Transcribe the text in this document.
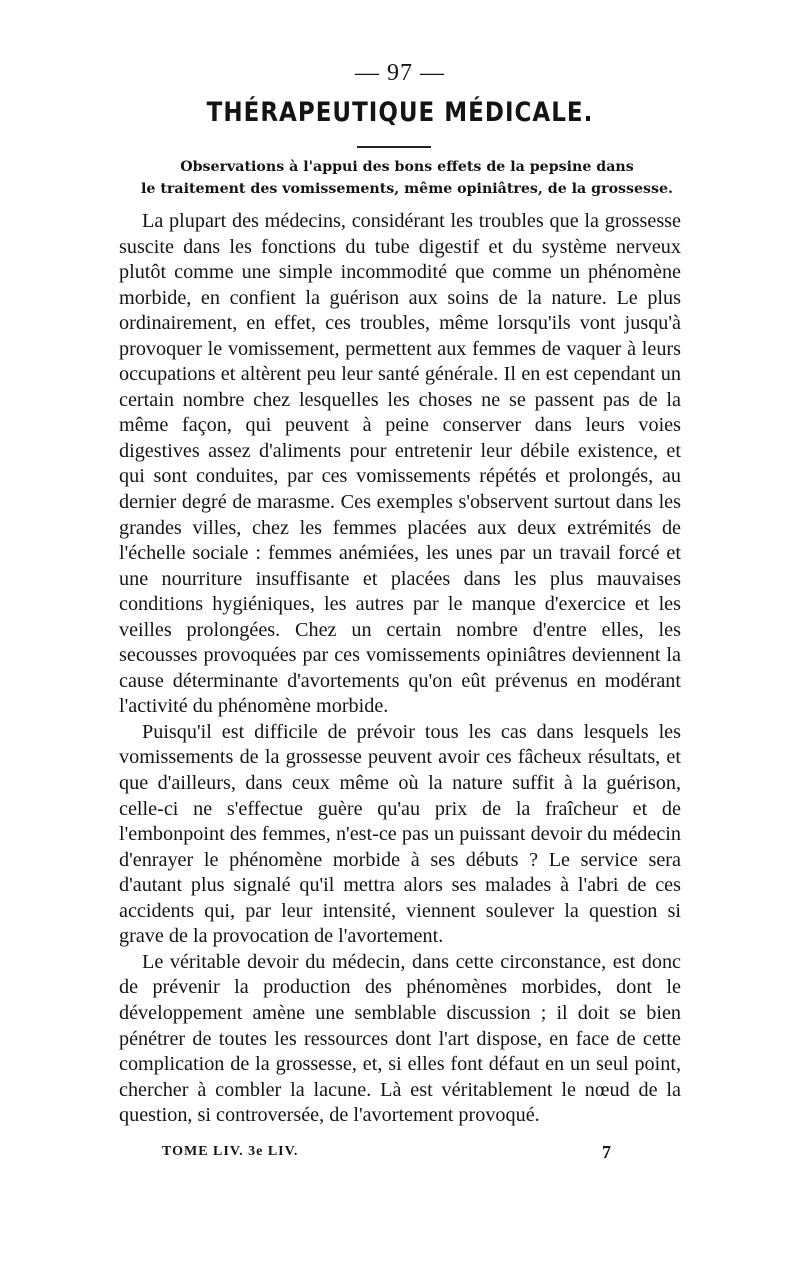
— 97 —
THÉRAPEUTIQUE MÉDICALE.
Observations à l'appui des bons effets de la pepsine dans
le traitement des vomissements, même opiniâtres, de la grossesse.

La plupart des médecins, considérant les troubles que la grossesse suscite dans les fonctions du tube digestif et du système nerveux plutôt comme une simple incommodité que comme un phénomène morbide, en confient la guérison aux soins de la nature. Le plus ordinairement, en effet, ces troubles, même lorsqu'ils vont jusqu'à provoquer le vomissement, permettent aux femmes de vaquer à leurs occupations et altèrent peu leur santé générale. Il en est cependant un certain nombre chez lesquelles les choses ne se passent pas de la même façon, qui peuvent à peine conserver dans leurs voies digestives assez d'aliments pour entretenir leur débile existence, et qui sont conduites, par ces vomissements répétés et prolongés, au dernier degré de marasme. Ces exemples s'observent surtout dans les grandes villes, chez les femmes placées aux deux extrémités de l'échelle sociale : femmes anémiées, les unes par un travail forcé et une nourriture insuffisante et placées dans les plus mauvaises conditions hygiéniques, les autres par le manque d'exercice et les veilles prolongées. Chez un certain nombre d'entre elles, les secousses provoquées par ces vomissements opiniâtres deviennent la cause déterminante d'avortements qu'on eût prévenus en modérant l'activité du phénomène morbide.

Puisqu'il est difficile de prévoir tous les cas dans lesquels les vomissements de la grossesse peuvent avoir ces fâcheux résultats, et que d'ailleurs, dans ceux même où la nature suffit à la guérison, celle-ci ne s'effectue guère qu'au prix de la fraîcheur et de l'embonpoint des femmes, n'est-ce pas un puissant devoir du médecin d'enrayer le phénomène morbide à ses débuts ? Le service sera d'autant plus signalé qu'il mettra alors ses malades à l'abri de ces accidents qui, par leur intensité, viennent soulever la question si grave de la provocation de l'avortement.

Le véritable devoir du médecin, dans cette circonstance, est donc de prévenir la production des phénomènes morbides, dont le développement amène une semblable discussion ; il doit se bien pénétrer de toutes les ressources dont l'art dispose, en face de cette complication de la grossesse, et, si elles font défaut en un seul point, chercher à combler la lacune. Là est véritablement le nœud de la question, si controversée, de l'avortement provoqué.

TOME LIV. 3e LIV.	7
